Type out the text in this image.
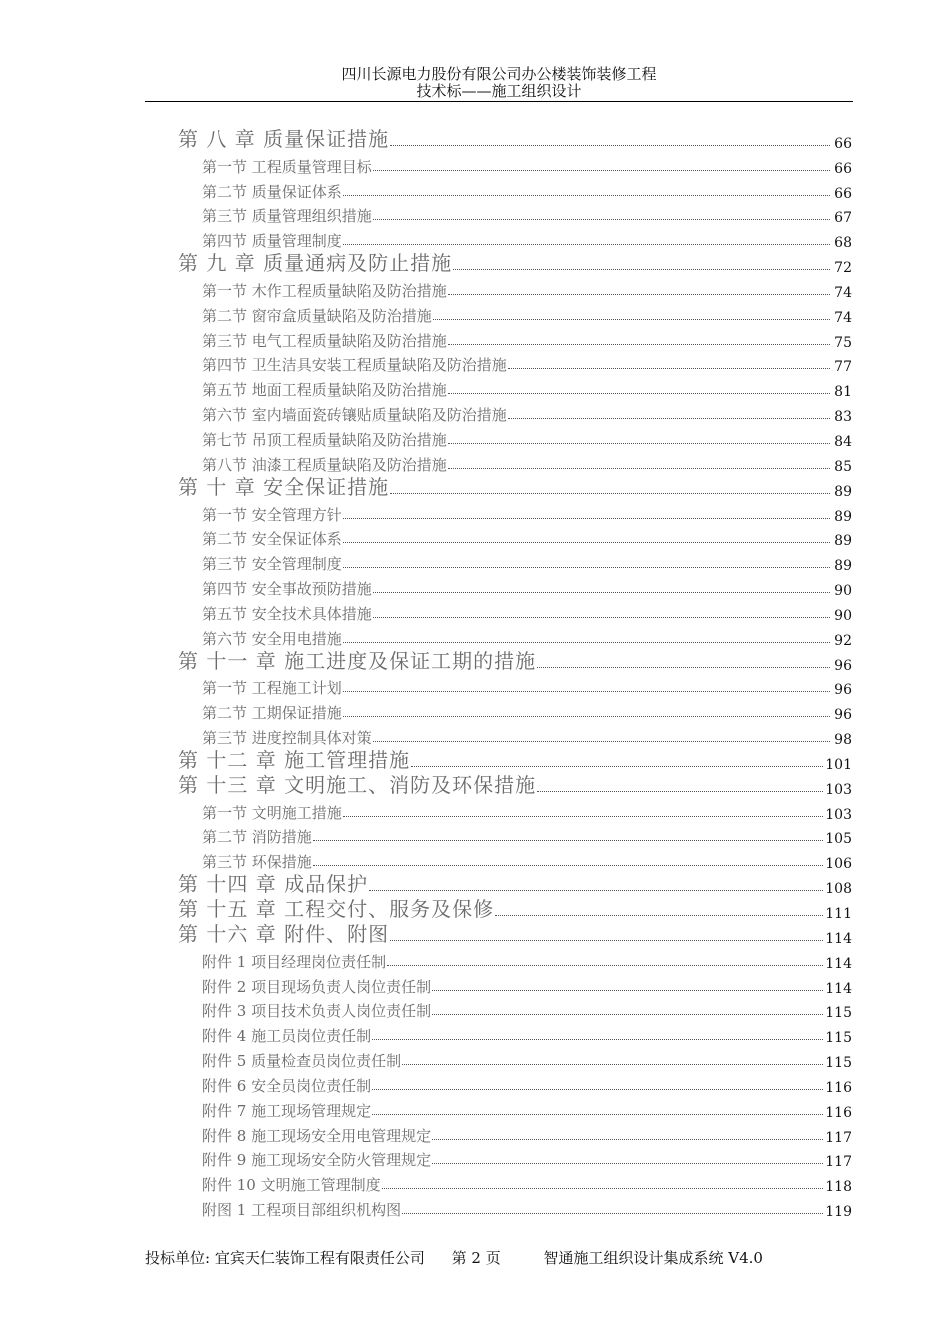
四川长源电力股份有限公司办公楼装饰装修工程
技术标——施工组织设计
第 八 章 质量保证措施	66
第一节 工程质量管理目标	66
第二节 质量保证体系	66
第三节 质量管理组织措施	67
第四节 质量管理制度	68
第 九 章 质量通病及防止措施	72
第一节 木作工程质量缺陷及防治措施	74
第二节 窗帘盒质量缺陷及防治措施	74
第三节 电气工程质量缺陷及防治措施	75
第四节 卫生洁具安装工程质量缺陷及防治措施	77
第五节 地面工程质量缺陷及防治措施	81
第六节 室内墙面瓷砖镶贴质量缺陷及防治措施	83
第七节 吊顶工程质量缺陷及防治措施	84
第八节 油漆工程质量缺陷及防治措施	85
第 十 章 安全保证措施	89
第一节 安全管理方针	89
第二节 安全保证体系	89
第三节 安全管理制度	89
第四节 安全事故预防措施	90
第五节 安全技术具体措施	90
第六节 安全用电措施	92
第 十一 章 施工进度及保证工期的措施	96
第一节 工程施工计划	96
第二节 工期保证措施	96
第三节 进度控制具体对策	98
第 十二 章 施工管理措施	101
第 十三 章 文明施工、消防及环保措施	103
第一节 文明施工措施	103
第二节 消防措施	105
第三节 环保措施	106
第 十四 章 成品保护	108
第 十五 章 工程交付、服务及保修	111
第 十六 章 附件、附图	114
附件 1 项目经理岗位责任制	114
附件 2 项目现场负责人岗位责任制	114
附件 3 项目技术负责人岗位责任制	115
附件 4 施工员岗位责任制	115
附件 5 质量检查员岗位责任制	115
附件 6 安全员岗位责任制	116
附件 7 施工现场管理规定	116
附件 8 施工现场安全用电管理规定	117
附件 9 施工现场安全防火管理规定	117
附件 10 文明施工管理制度	118
附图 1 工程项目部组织机构图	119
投标单位: 宜宾天仁装饰工程有限责任公司 第 2 页	智通施工组织设计集成系统 V4.0
